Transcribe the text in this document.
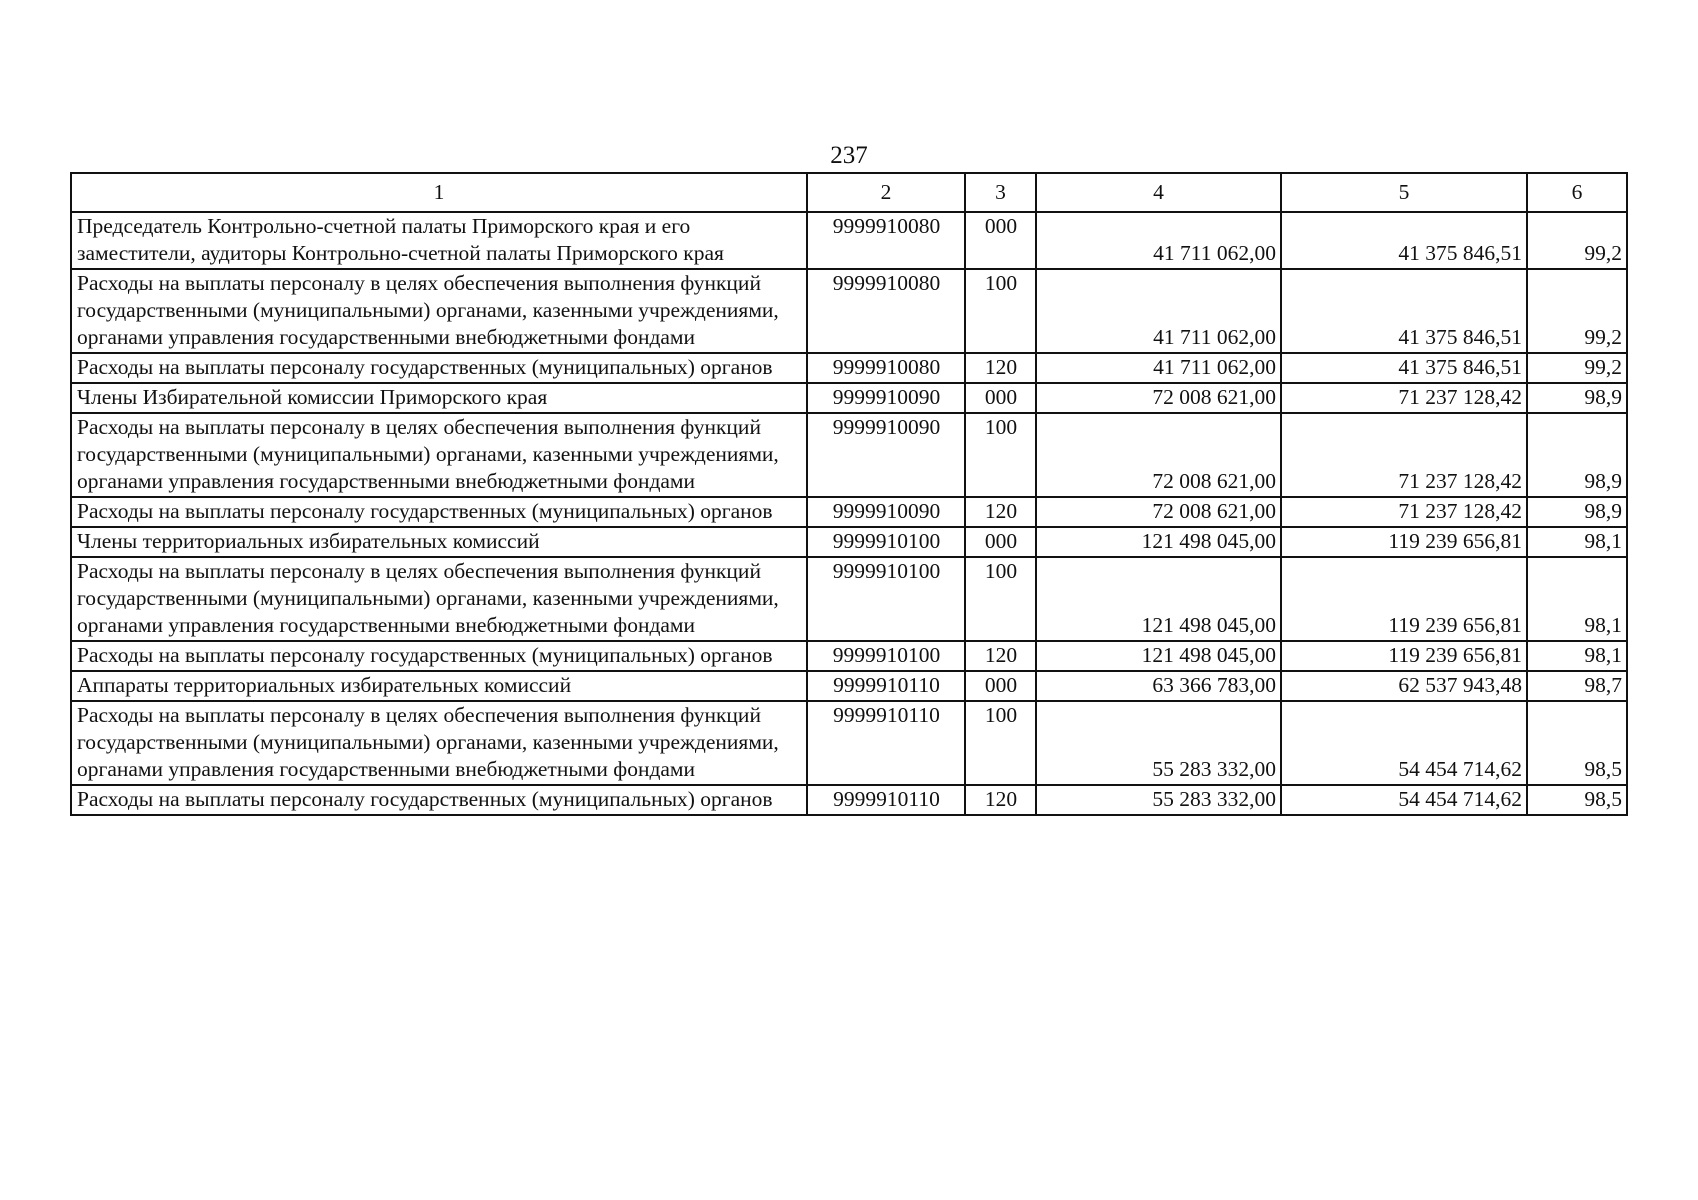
237
1	2	3	4	5	6
Председатель Контрольно-счетной палаты Приморского края и его заместители, аудиторы Контрольно-счетной палаты Приморского края	9999910080	000	41 711 062,00	41 375 846,51	99,2
Расходы на выплаты персоналу в целях обеспечения выполнения функций государственными (муниципальными) органами, казенными учреждениями, органами управления государственными внебюджетными фондами	9999910080	100	41 711 062,00	41 375 846,51	99,2
Расходы на выплаты персоналу государственных (муниципальных) органов	9999910080	120	41 711 062,00	41 375 846,51	99,2
Члены Избирательной комиссии Приморского края	9999910090	000	72 008 621,00	71 237 128,42	98,9
Расходы на выплаты персоналу в целях обеспечения выполнения функций государственными (муниципальными) органами, казенными учреждениями, органами управления государственными внебюджетными фондами	9999910090	100	72 008 621,00	71 237 128,42	98,9
Расходы на выплаты персоналу государственных (муниципальных) органов	9999910090	120	72 008 621,00	71 237 128,42	98,9
Члены территориальных избирательных комиссий	9999910100	000	121 498 045,00	119 239 656,81	98,1
Расходы на выплаты персоналу в целях обеспечения выполнения функций государственными (муниципальными) органами, казенными учреждениями, органами управления государственными внебюджетными фондами	9999910100	100	121 498 045,00	119 239 656,81	98,1
Расходы на выплаты персоналу государственных (муниципальных) органов	9999910100	120	121 498 045,00	119 239 656,81	98,1
Аппараты территориальных избирательных комиссий	9999910110	000	63 366 783,00	62 537 943,48	98,7
Расходы на выплаты персоналу в целях обеспечения выполнения функций государственными (муниципальными) органами, казенными учреждениями, органами управления государственными внебюджетными фондами	9999910110	100	55 283 332,00	54 454 714,62	98,5
Расходы на выплаты персоналу государственных (муниципальных) органов	9999910110	120	55 283 332,00	54 454 714,62	98,5
